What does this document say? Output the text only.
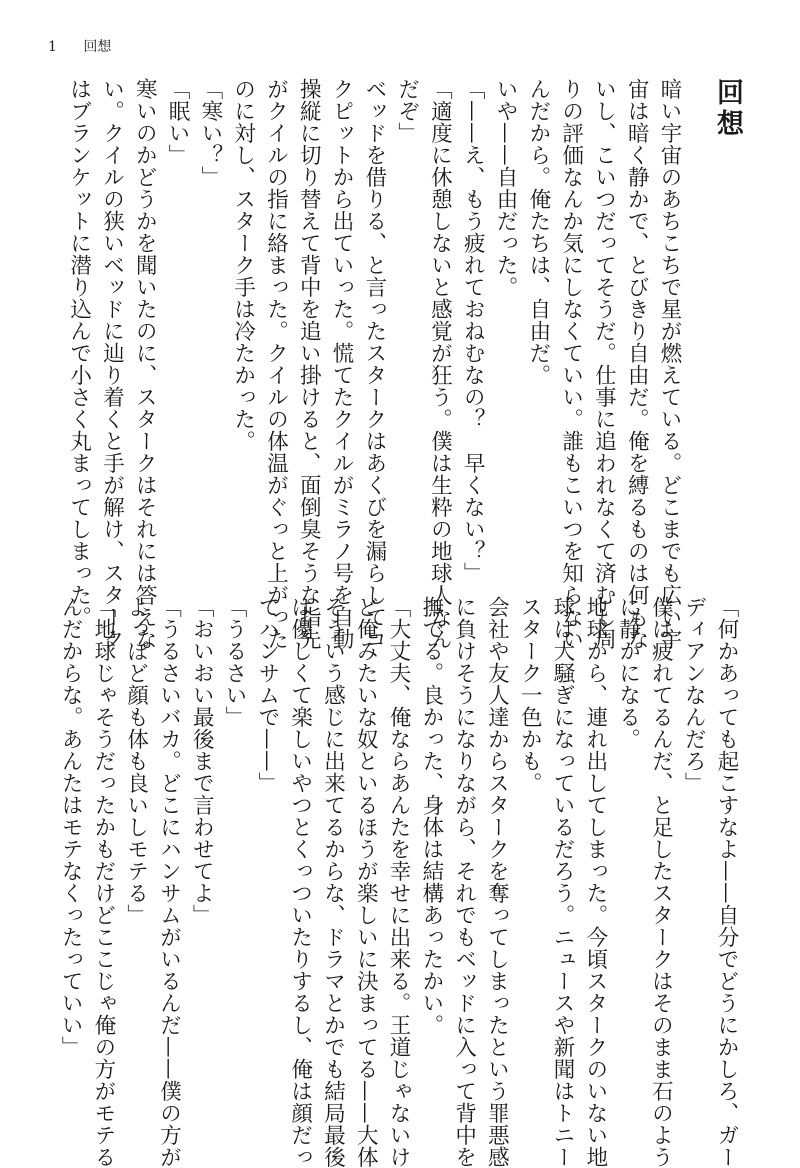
1 回想
回想
暗い宇宙のあちこちで星が燃えている。どこまでも広い宇
宙は暗く静かで、とびきり自由だ。俺を縛るものは何もな
いし、こいつだってそうだ。仕事に追われなくて済むし周
りの評価なんか気にしなくていい。誰もこいつを知らない
んだから。俺たちは、自由だ。
いや——自由だった。
「——え、もう疲れておねむなの？　早くない？」
「適度に休憩しないと感覚が狂う。僕は生粋の地球人なん
だぞ」
ベッドを借りる、と言ったスタークはあくびを漏らしてコ
クピットから出ていった。慌てたクイルがミラノ号を自動
操縦に切り替えて背中を追い掛けると、面倒臭そうな指先
がクイルの指に絡まった。クイルの体温がぐっと上がった
のに対し、スターク手は冷たかった。
「寒い？」
「眠い」
寒いのかどうかを聞いたのに、スタークはそれには答えな
い。クイルの狭いベッドに辿り着くと手が解け、スターク
はブランケットに潜り込んで小さく丸まってしまった。
「何かあっても起こすなよ——自分でどうにかしろ、ガー
ディアンなんだろ」
僕は疲れてるんだ、と足したスタークはそのまま石のよう
に静かになる。
地球から、連れ出してしまった。今頃スタークのいない地
球は大騒ぎになっているだろう。ニュースや新聞はトニー
スターク一色かも。
会社や友人達からスタークを奪ってしまったという罪悪感
に負けそうになりながら、それでもベッドに入って背中を
撫でる。良かった、身体は結構あったかい。
「大丈夫、俺ならあんたを幸せに出来る。王道じゃないけ
ど俺みたいな奴といるほうが楽しいに決まってる——大体
そういう感じに出来てるからな、ドラマとかでも結局最後
は優しくて楽しいやつとくっついたりするし、俺は顔だっ
てハンサムで——」
「うるさい」
「おいおい最後まで言わせてよ」
「うるさいバカ。どこにハンサムがいるんだ——僕の方が
よっぽど顔も体も良いしモテる」
「地球じゃそうだったかもだけどここじゃ俺の方がモテる
んだからな。あんたはモテなくったっていい」
